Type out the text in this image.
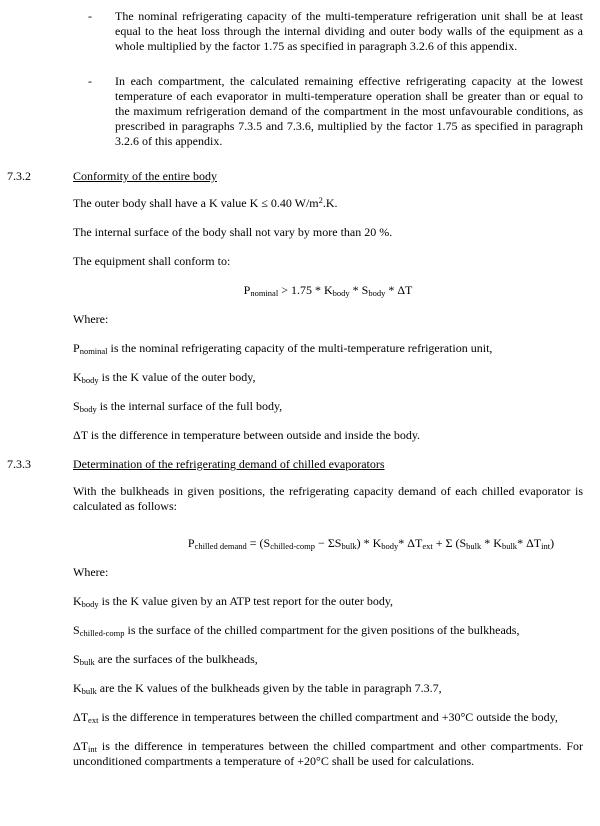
-	The nominal refrigerating capacity of the multi-temperature refrigeration unit shall be at least equal to the heat loss through the internal dividing and outer body walls of the equipment as a whole multiplied by the factor 1.75 as specified in paragraph 3.2.6 of this appendix.

-	In each compartment, the calculated remaining effective refrigerating capacity at the lowest temperature of each evaporator in multi-temperature operation shall be greater than or equal to the maximum refrigeration demand of the compartment in the most unfavourable conditions, as prescribed in paragraphs 7.3.5 and 7.3.6, multiplied by the factor 1.75 as specified in paragraph 3.2.6 of this appendix.

7.3.2	Conformity of the entire body

The outer body shall have a K value K ≤ 0.40 $W/m^2.K$.

The internal surface of the body shall not vary by more than 20 %.

The equipment shall conform to:

$P_{nominal} > 1.75 * K_{body} * S_{body} * \Delta T$

Where:

$P_{nominal}$ is the nominal refrigerating capacity of the multi-temperature refrigeration unit,

$K_{body}$ is the K value of the outer body,

$S_{body}$ is the internal surface of the full body,

ΔT is the difference in temperature between outside and inside the body.

7.3.3	Determination of the refrigerating demand of chilled evaporators

With the bulkheads in given positions, the refrigerating capacity demand of each chilled evaporator is calculated as follows:

$P_{chilled demand} = (S_{chilled-comp} - \Sigma S_{bulk}) * K_{body}*$ $\Delta T_{ext} + \Sigma$ ($S_{bulk} * K_{bulk}*$ $\Delta T_{int}$)

Where:

$K_{body}$ is the K value given by an ATP test report for the outer body,

$S_{chilled-comp}$ is the surface of the chilled compartment for the given positions of the bulkheads,

$S_{bulk}$ are the surfaces of the bulkheads,

$K_{bulk}$ are the K values of the bulkheads given by the table in paragraph 7.3.7,

$\Delta T_{ext}$ is the difference in temperatures between the chilled compartment and +30°C outside the body,

$\Delta T_{int}$ is the difference in temperatures between the chilled compartment and other compartments. For unconditioned compartments a temperature of +20°C shall be used for calculations.
